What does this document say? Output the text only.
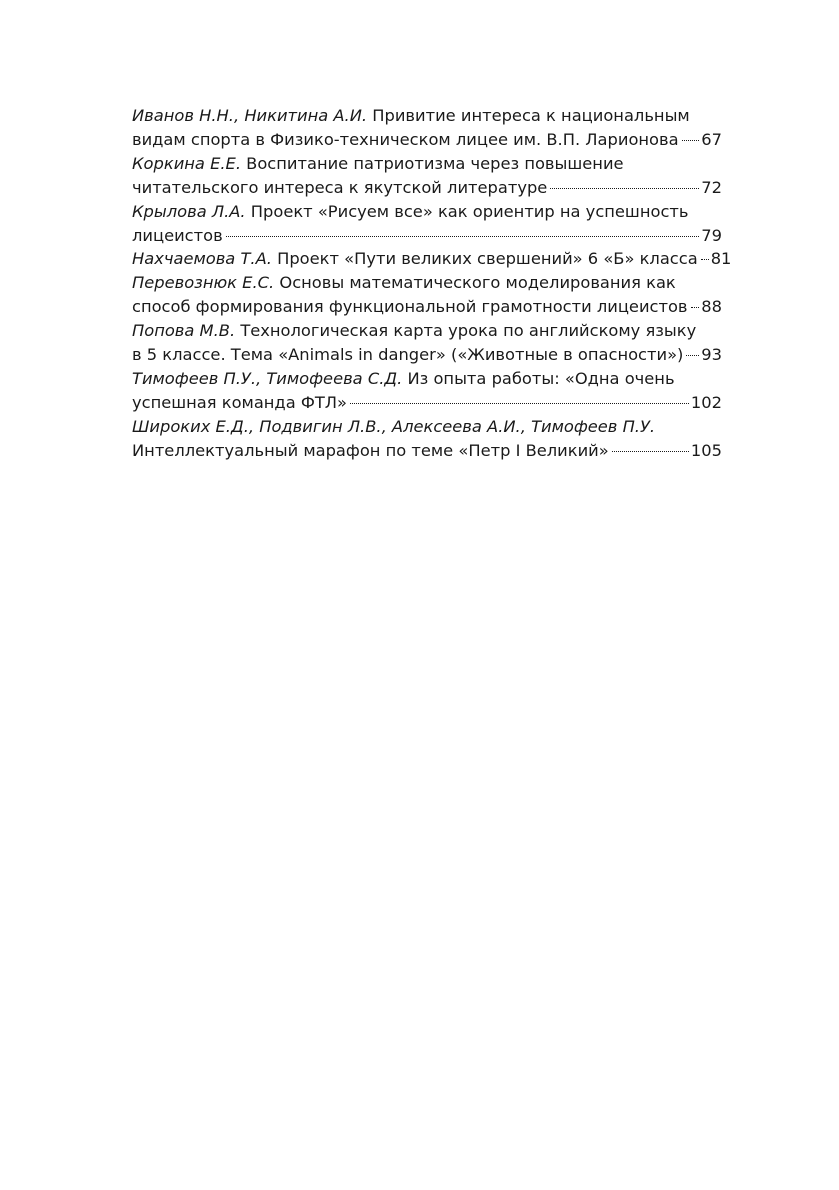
Иванов Н.Н., Никитина А.И. Привитие интереса к национальным
видам спорта в Физико-техническом лицее им. В.П. Ларионова 67
Коркина Е.Е. Воспитание патриотизма через повышение
читательского интереса к якутской литературе	72
Крылова Л.А. Проект «Рисуем все» как ориентир на успешность
лицеистов	79
Нахчаемова Т.А. Проект «Пути великих свершений» 6 «Б» класса 81
Перевознюк Е.С. Основы математического моделирования как
способ формирования функциональной грамотности лицеистов 88
Попова М.В. Технологическая карта урока по английскому языку
в 5 классе. Тема «Animals in danger» («Животные в опасности») 93
Тимофеев П.У., Тимофеева С.Д. Из опыта работы: «Одна очень
успешная команда ФТЛ»	102
Широких Е.Д., Подвигин Л.В., Алексеева А.И., Тимофеев П.У.
Интеллектуальный марафон по теме «Петр I Великий»	105
